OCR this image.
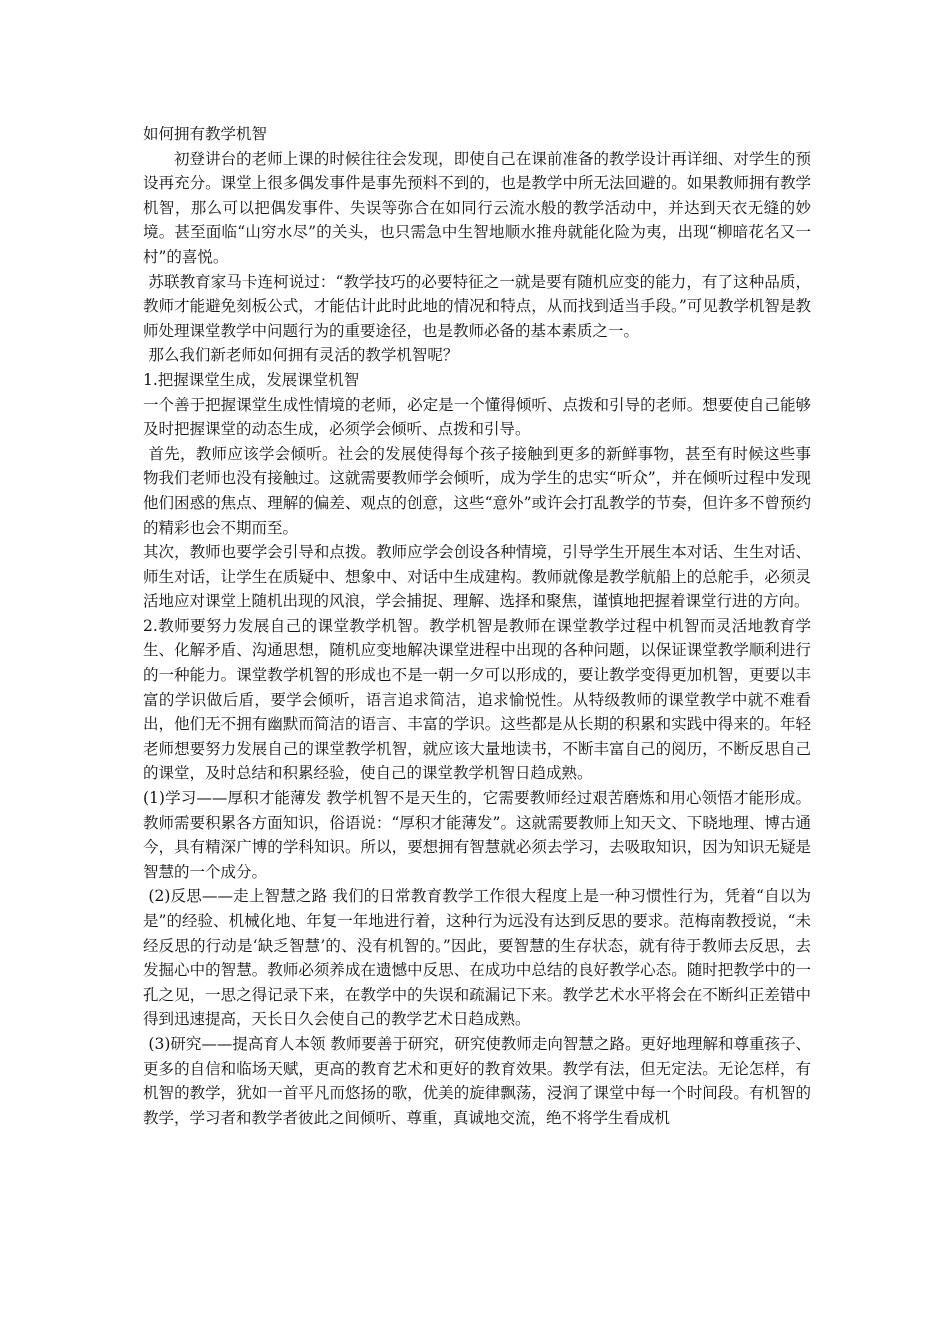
如何拥有教学机智

初登讲台的老师上课的时候往往会发现，即使自己在课前准备的教学设计再详细、对学生的预设再充分。课堂上很多偶发事件是事先预料不到的，也是教学中所无法回避的。如果教师拥有教学机智，那么可以把偶发事件、失误等弥合在如同行云流水般的教学活动中，并达到天衣无缝的妙境。甚至面临“山穷水尽”的关头，也只需急中生智地顺水推舟就能化险为夷，出现“柳暗花名又一村”的喜悦。

苏联教育家马卡连柯说过：“教学技巧的必要特征之一就是要有随机应变的能力，有了这种品质，教师才能避免刻板公式，才能估计此时此地的情况和特点，从而找到适当手段。”可见教学机智是教师处理课堂教学中问题行为的重要途径，也是教师必备的基本素质之一。

那么我们新老师如何拥有灵活的教学机智呢？

1.把握课堂生成，发展课堂机智

一个善于把握课堂生成性情境的老师，必定是一个懂得倾听、点拨和引导的老师。想要使自己能够及时把握课堂的动态生成，必须学会倾听、点拨和引导。

首先，教师应该学会倾听。社会的发展使得每个孩子接触到更多的新鲜事物，甚至有时候这些事物我们老师也没有接触过。这就需要教师学会倾听，成为学生的忠实“听众”，并在倾听过程中发现他们困惑的焦点、理解的偏差、观点的创意，这些“意外”或许会打乱教学的节奏，但许多不曾预约的精彩也会不期而至。

其次，教师也要学会引导和点拨。教师应学会创设各种情境，引导学生开展生本对话、生生对话、师生对话，让学生在质疑中、想象中、对话中生成建构。教师就像是教学航船上的总舵手，必须灵活地应对课堂上随机出现的风浪，学会捕捉、理解、选择和聚焦，谨慎地把握着课堂行进的方向。

2.教师要努力发展自己的课堂教学机智。教学机智是教师在课堂教学过程中机智而灵活地教育学生、化解矛盾、沟通思想，随机应变地解决课堂进程中出现的各种问题，以保证课堂教学顺利进行的一种能力。课堂教学机智的形成也不是一朝一夕可以形成的，要让教学变得更加机智，更要以丰富的学识做后盾，要学会倾听，语言追求简洁，追求愉悦性。从特级教师的课堂教学中就不难看出，他们无不拥有幽默而简洁的语言、丰富的学识。这些都是从长期的积累和实践中得来的。年轻老师想要努力发展自己的课堂教学机智，就应该大量地读书，不断丰富自己的阅历，不断反思自己的课堂，及时总结和积累经验，使自己的课堂教学机智日趋成熟。

(1)学习——厚积才能薄发 教学机智不是天生的，它需要教师经过艰苦磨炼和用心领悟才能形成。教师需要积累各方面知识，俗语说：“厚积才能薄发”。这就需要教师上知天文、下晓地理、博古通今，具有精深广博的学科知识。所以，要想拥有智慧就必须去学习，去吸取知识，因为知识无疑是智慧的一个成分。

(2)反思——走上智慧之路 我们的日常教育教学工作很大程度上是一种习惯性行为，凭着“自以为是”的经验、机械化地、年复一年地进行着，这种行为远没有达到反思的要求。范梅南教授说，“未经反思的行动是‘缺乏智慧’的、没有机智的。”因此，要智慧的生存状态，就有待于教师去反思，去发掘心中的智慧。教师必须养成在遗憾中反思、在成功中总结的良好教学心态。随时把教学中的一孔之见，一思之得记录下来，在教学中的失误和疏漏记下来。教学艺术水平将会在不断纠正差错中得到迅速提高，天长日久会使自己的教学艺术日趋成熟。

(3)研究——提高育人本领 教师要善于研究，研究使教师走向智慧之路。更好地理解和尊重孩子、更多的自信和临场天赋，更高的教育艺术和更好的教育效果。教学有法，但无定法。无论怎样，有机智的教学，犹如一首平凡而悠扬的歌，优美的旋律飘荡，浸润了课堂中每一个时间段。有机智的教学，学习者和教学者彼此之间倾听、尊重，真诚地交流，绝不将学生看成机
